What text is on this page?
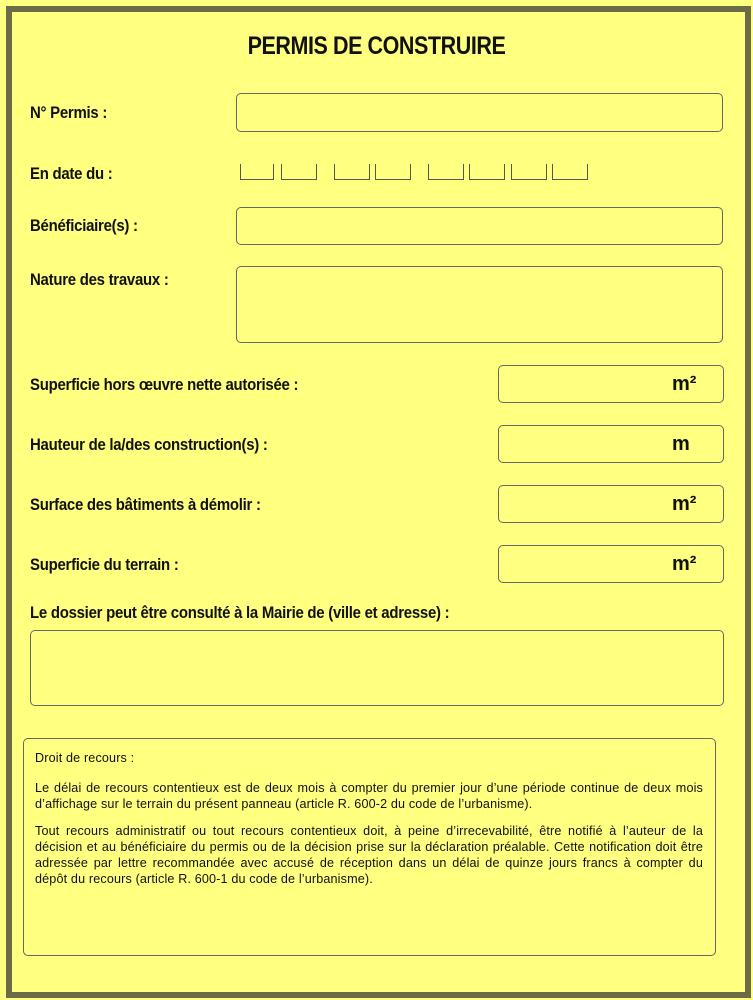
PERMIS DE CONSTRUIRE
N° Permis :
En date du :
Bénéficiaire(s) :
Nature des travaux :
Superficie hors œuvre nette autorisée :	m²
Hauteur de la/des construction(s) :	m
Surface des bâtiments à démolir :	m²
Superficie du terrain :	m²
Le dossier peut être consulté à la Mairie de (ville et adresse) :

Droit de recours :

Le délai de recours contentieux est de deux mois à compter du premier jour d’une période continue de deux mois d’affichage sur le terrain du présent panneau (article R. 600-2 du code de l’urbanisme).

Tout recours administratif ou tout recours contentieux doit, à peine d’irrecevabilité, être notifié à l’auteur de la décision et au bénéficiaire du permis ou de la décision prise sur la déclaration préalable. Cette notification doit être adressée par lettre recommandée avec accusé de réception dans un délai de quinze jours francs à compter du dépôt du recours (article R. 600-1 du code de l’urbanisme).
